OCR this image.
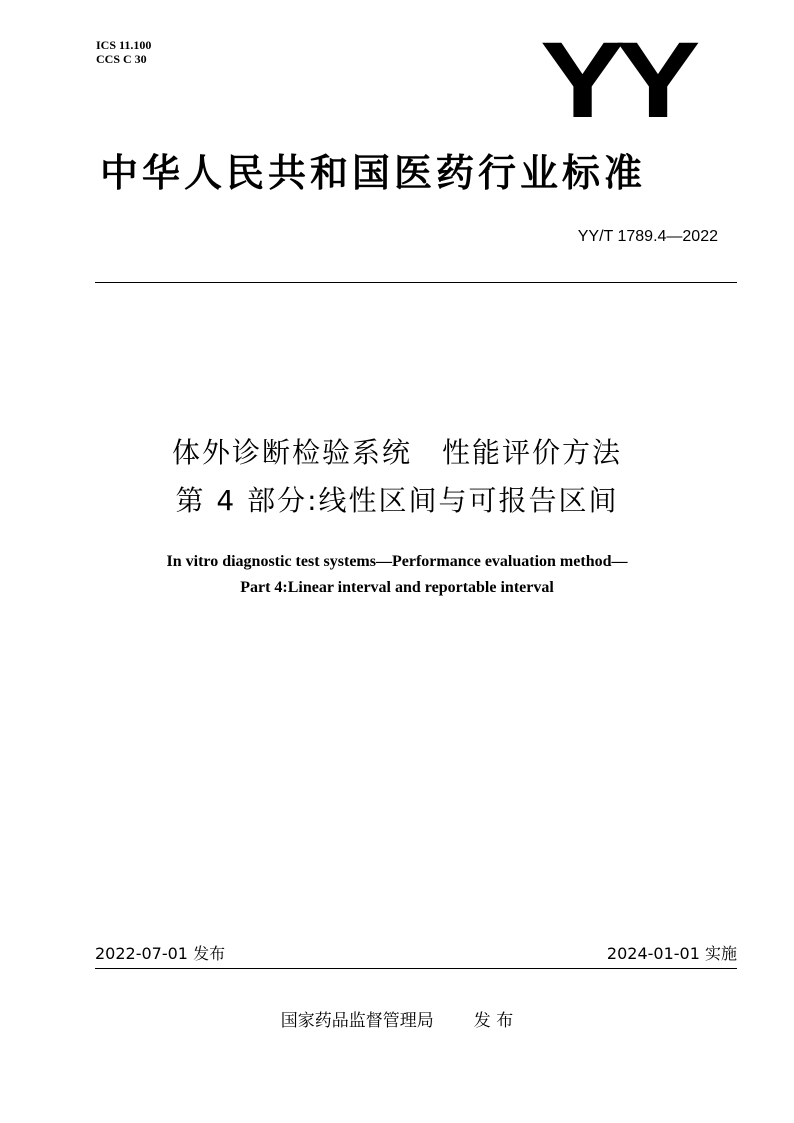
ICS 11.100
CCS C 30	YY
中华人民共和国医药行业标准
YY/T 1789.4—2022
体外诊断检验系统　性能评价方法
第 4 部分:线性区间与可报告区间
In vitro diagnostic test systems—Performance evaluation method—
Part 4:Linear interval and reportable interval
2022-07-01 发布	2024-01-01 实施
国家药品监督管理局 发 布
